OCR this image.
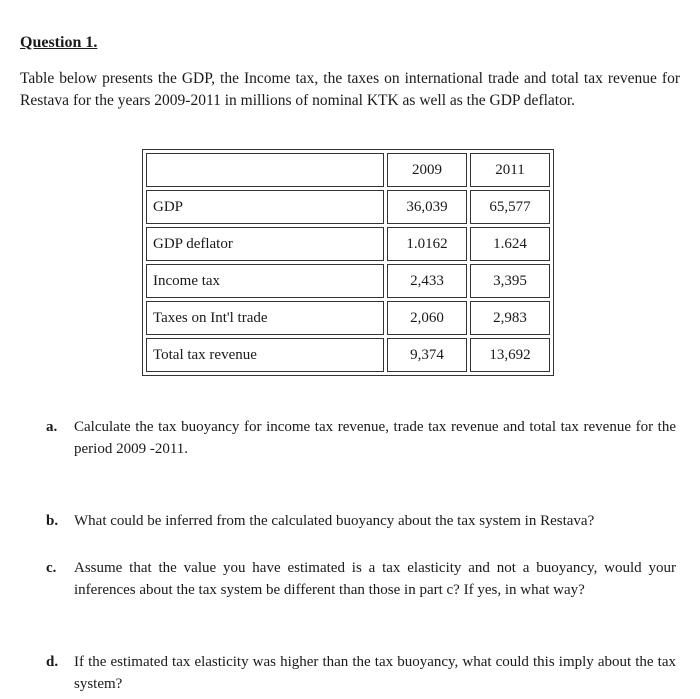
Question 1.
Table below presents the GDP, the Income tax, the taxes on international trade and total tax revenue for Restava for the years 2009-2011 in millions of nominal KTK as well as the GDP deflator.
	2009	2011
GDP	36,039	65,577
GDP deflator	1.0162	1.624
Income tax	2,433	3,395
Taxes on Int'l trade	2,060	2,983
Total tax revenue	9,374	13,692
a. Calculate the tax buoyancy for income tax revenue, trade tax revenue and total tax revenue for the period 2009 -2011.
b. What could be inferred from the calculated buoyancy about the tax system in Restava?
c. Assume that the value you have estimated is a tax elasticity and not a buoyancy, would your inferences about the tax system be different than those in part c? If yes, in what way?
d. If the estimated tax elasticity was higher than the tax buoyancy, what could this imply about the tax system?
